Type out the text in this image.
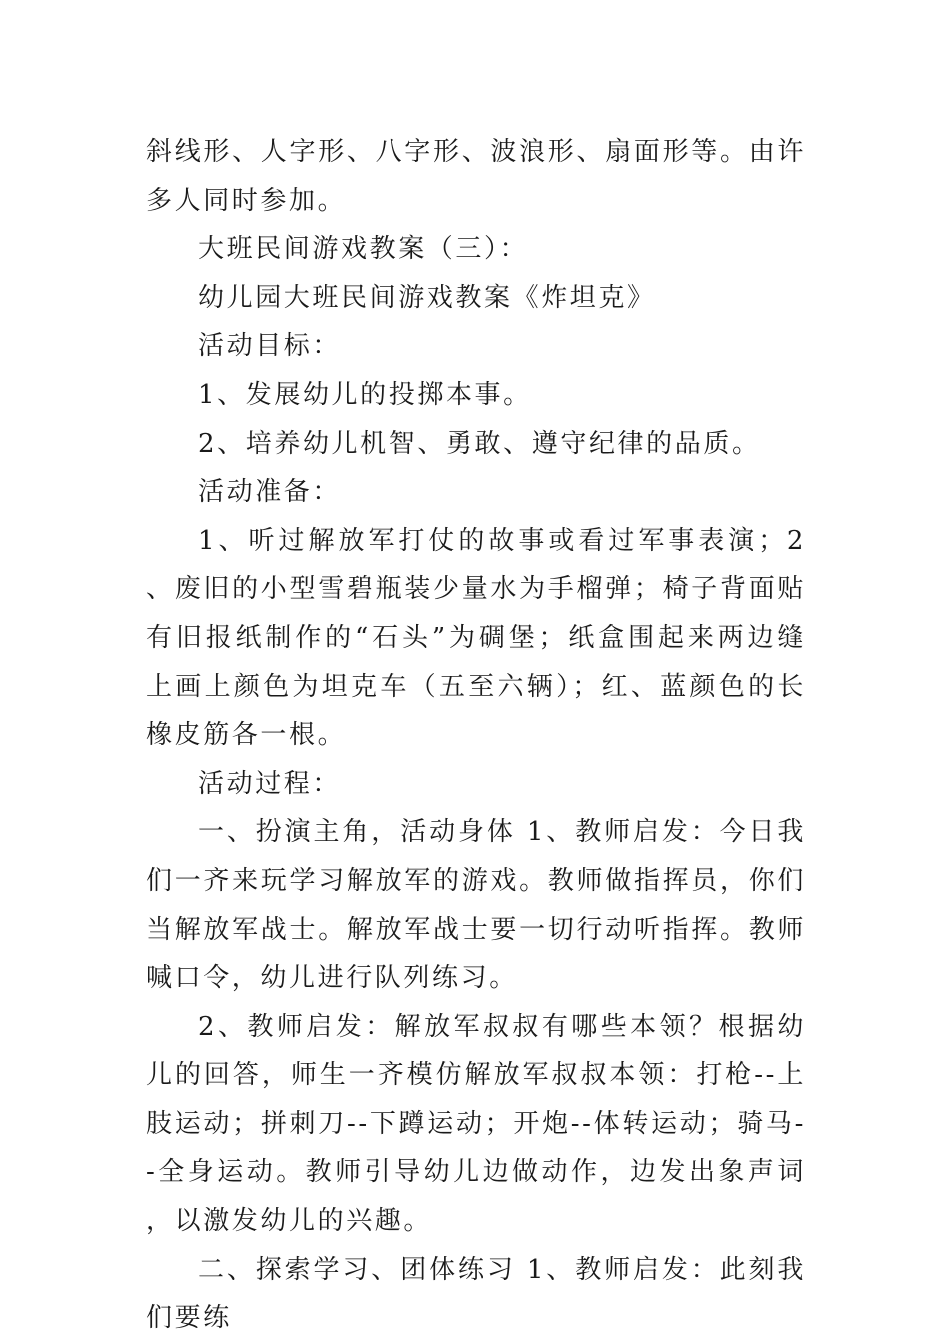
斜线形、人字形、八字形、波浪形、扇面形等。由许多人同时参加。

大班民间游戏教案（三）：

幼儿园大班民间游戏教案《炸坦克》

活动目标：

1、发展幼儿的投掷本事。

2、培养幼儿机智、勇敢、遵守纪律的品质。

活动准备：

1、听过解放军打仗的故事或看过军事表演；2、废旧的小型雪碧瓶装少量水为手榴弹；椅子背面贴有旧报纸制作的“石头”为碉堡；纸盒围起来两边缝上画上颜色为坦克车（五至六辆）；红、蓝颜色的长橡皮筋各一根。

活动过程：

一、扮演主角，活动身体 1、教师启发：今日我们一齐来玩学习解放军的游戏。教师做指挥员，你们当解放军战士。解放军战士要一切行动听指挥。教师喊口令，幼儿进行队列练习。

2、教师启发：解放军叔叔有哪些本领？根据幼儿的回答，师生一齐模仿解放军叔叔本领：打枪--上肢运动；拼刺刀--下蹲运动；开炮--体转运动；骑马--全身运动。教师引导幼儿边做动作，边发出象声词，以激发幼儿的兴趣。

二、探索学习、团体练习 1、教师启发：此刻我们要练
